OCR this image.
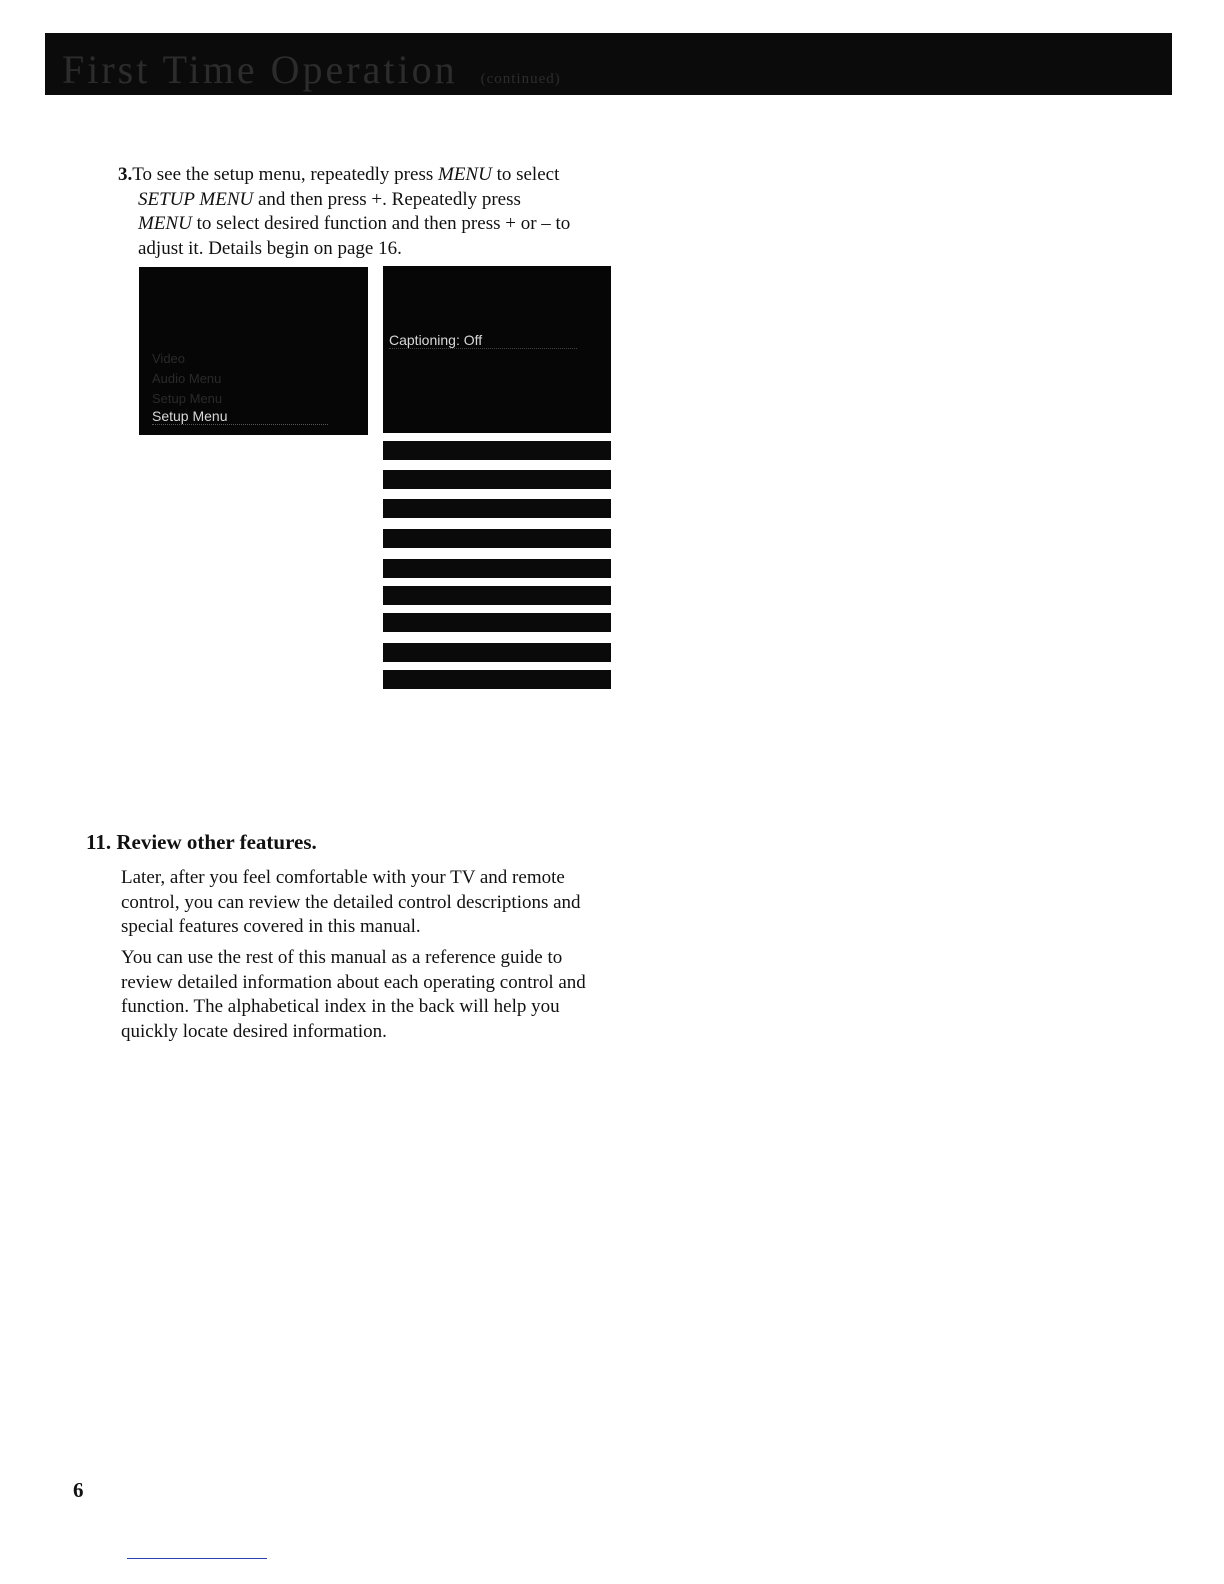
First Time Operation (continued)
3.To see the setup menu, repeatedly press MENU to select
SETUP MENU and then press +. Repeatedly press
MENU to select desired function and then press + or – to
adjust it. Details begin on page 16.
Video
Audio Menu
Setup Menu
Setup Menu
Captioning: Off
11. Review other features.
Later, after you feel comfortable with your TV and remote control, you can review the detailed control descriptions and special features covered in this manual.
You can use the rest of this manual as a reference guide to review detailed information about each operating control and function. The alphabetical index in the back will help you quickly locate desired information.
6
